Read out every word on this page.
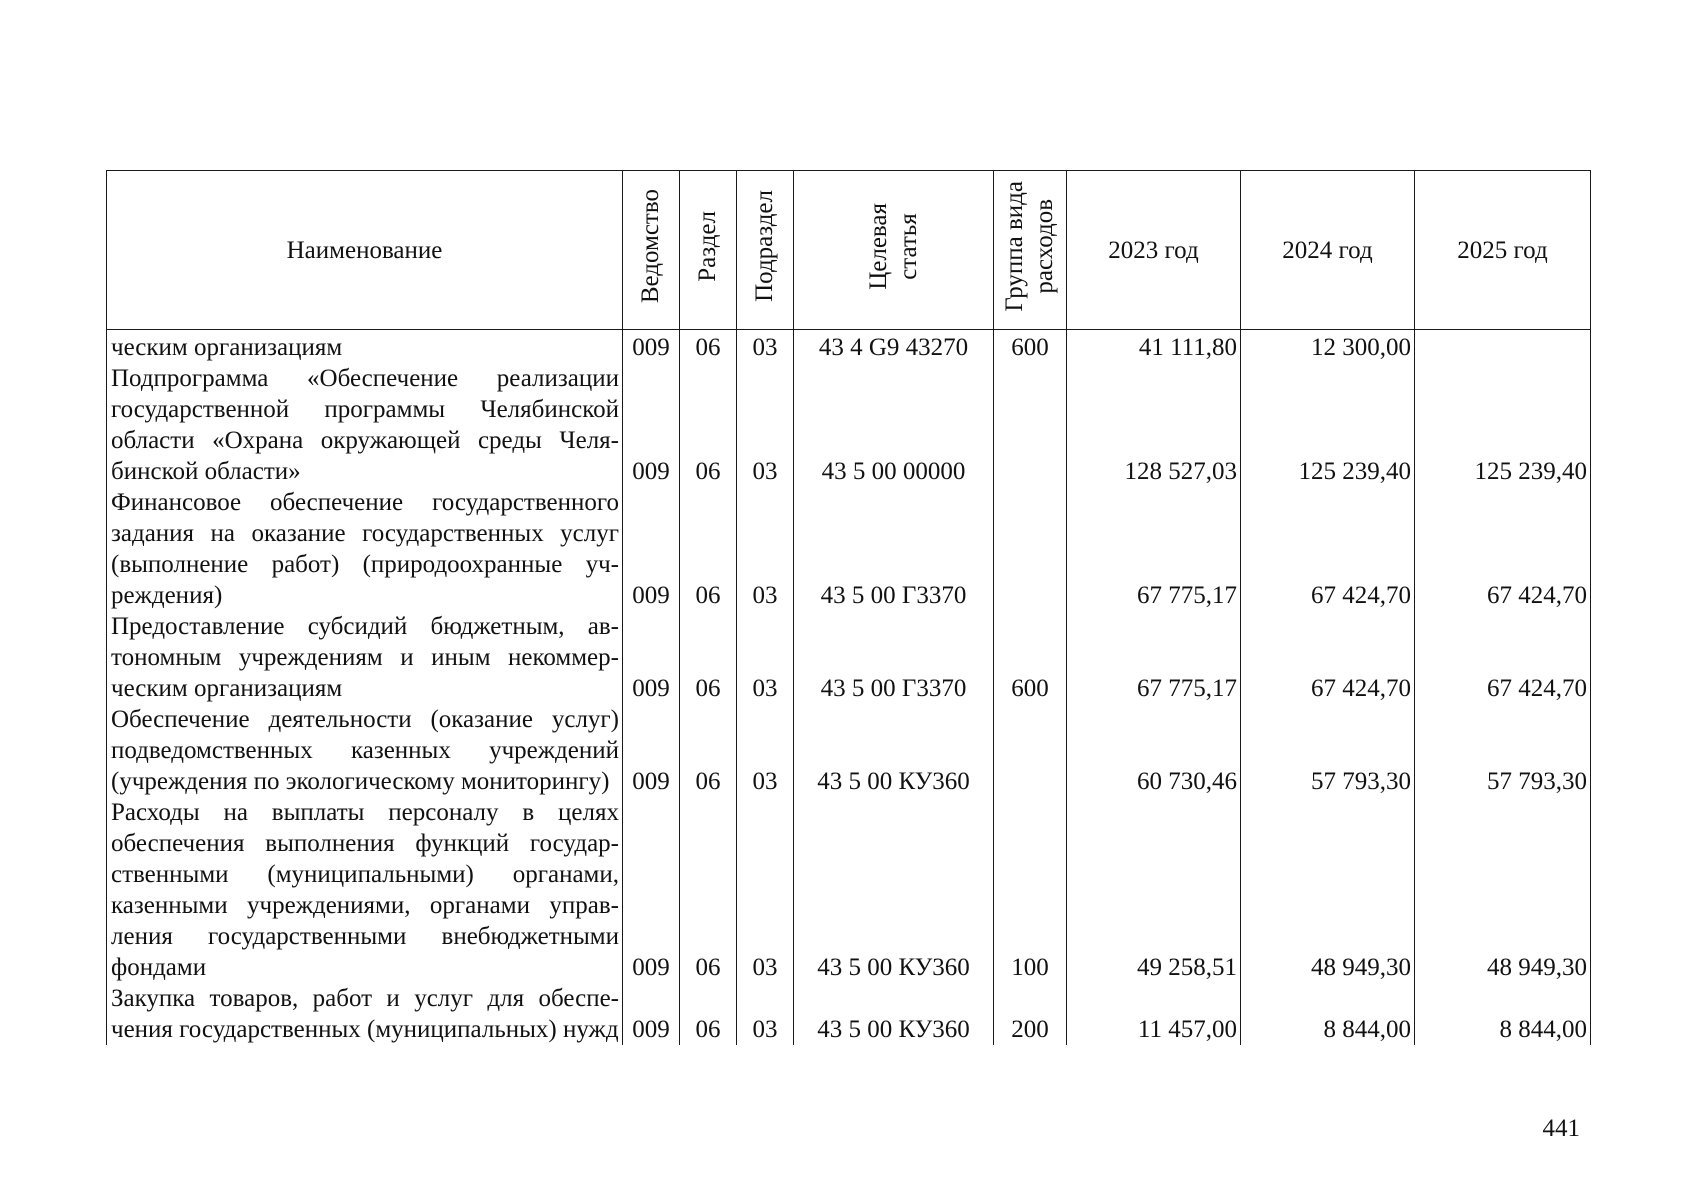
Наименование	Ведомство	Раздел	Подраздел	Целевая статья	Группа вида расходов	2023 год	2024 год	2025 год
ческим организациям	009	06	03	43 4 G9 43270	600	41 111,80	12 300,00	
Подпрограмма «Обеспечение реализации государственной программы Челябинской области «Охрана окружающей среды Челябинской области»	009	06	03	43 5 00 00000		128 527,03	125 239,40	125 239,40
Финансовое обеспечение государственного задания на оказание государственных услуг (выполнение работ) (природоохранные учреждения)	009	06	03	43 5 00 Г3370		67 775,17	67 424,70	67 424,70
Предоставление субсидий бюджетным, автономным учреждениям и иным некоммерческим организациям	009	06	03	43 5 00 Г3370	600	67 775,17	67 424,70	67 424,70
Обеспечение деятельности (оказание услуг) подведомственных казенных учреждений (учреждения по экологическому мониторингу)	009	06	03	43 5 00 КУ360		60 730,46	57 793,30	57 793,30
Расходы на выплаты персоналу в целях обеспечения выполнения функций государственными (муниципальными) органами, казенными учреждениями, органами управления государственными внебюджетными фондами	009	06	03	43 5 00 КУ360	100	49 258,51	48 949,30	48 949,30
Закупка товаров, работ и услуг для обеспечения государственных (муниципальных) нужд	009	06	03	43 5 00 КУ360	200	11 457,00	8 844,00	8 844,00
441
